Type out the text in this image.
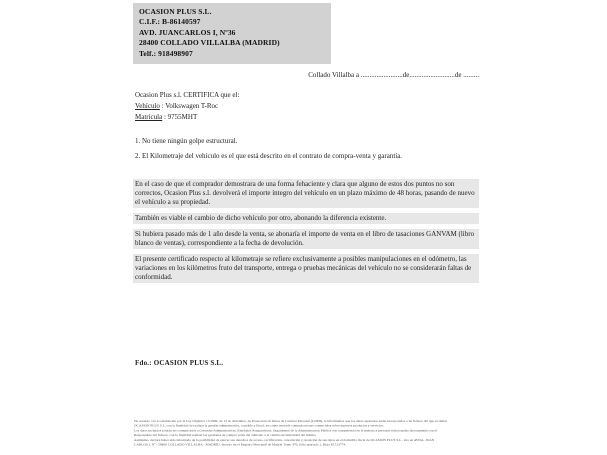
OCASION PLUS S.L.
C.I.F.: B-86140597
AVD. JUANCARLOS I, Nº36
28400 COLLADO VILLALBA (MADRID)
Telf.: 918498907
Collado Villalba a ........................de..........................de .........
Ocasion Plus s.l. CERTIFICA que el:
Vehículo : Volkswagen T-Roc
Matrícula : 9755MHT
1. No tiene ningún golpe estructural.
2. El Kilometraje del vehículo es el que está descrito en el contrato de compra-venta y garantía.
En el caso de que el comprador demostrara de una forma fehaciente y clara que alguno de estos dos puntos no son correctos, Ocasion Plus s.l. devolverá el importe íntegro del vehículo en un plazo máximo de 48 horas, pasando de nuevo el vehículo a su propiedad.
También es viable el cambio de dicho vehículo por otro, abonando la diferencia existente.
Si hubiera pasado más de 1 año desde la venta, se abonaría el importe de venta en el libro de tasaciones GANVAM (libro blanco de ventas), correspondiente a la fecha de devolución.
El presente certificado respecto al kilometraje se refiere exclusivamente a posibles manipulaciones en el odómetro, las variaciones en los kilómetros fruto del transporte, entrega o pruebas mecánicas del vehículo no se considerarán faltas de conformidad.
Fdo.: OCASION PLUS S.L.
De acuerdo con lo establecido por la Ley Orgánica 15/1999, de 13 de diciembre, de Protección de Datos de Carácter Personal (LOPD), le informamos que los datos aportados serán incorporados a un fichero del que es titular
OCASION PLUS S.L. con la finalidad de realizar la gestión administrativa, contable y fiscal, así como enviarle comunicaciones comerciales sobre nuestros productos y servicios.
Los datos incluidos podrán ser comunicados a Gestorías Administrativas, Entidades Aseguradoras, Organismos de la Administración Pública con competencia en la materia y personas relacionadas directamente con el
Responsable del fichero, con la finalidad realizar las gestiones de compra venta del vehículo o el cambio de titularidad del mismo.
Asimismo, declara haber sido informado de la posibilidad de ejercer sus derechos de acceso, rectificación, cancelación y oposición de sus datos en el domicilio fiscal de OCASIÓN PLUS S.L., sito en AVDA. JUAN
CARLOS I, Nº - 28400 COLLADO VILLALBA - MADRID. Inscrito en el Registro Mercantil de Madrid Tomo 370, folio apartado 1, Hoja M 513774.
